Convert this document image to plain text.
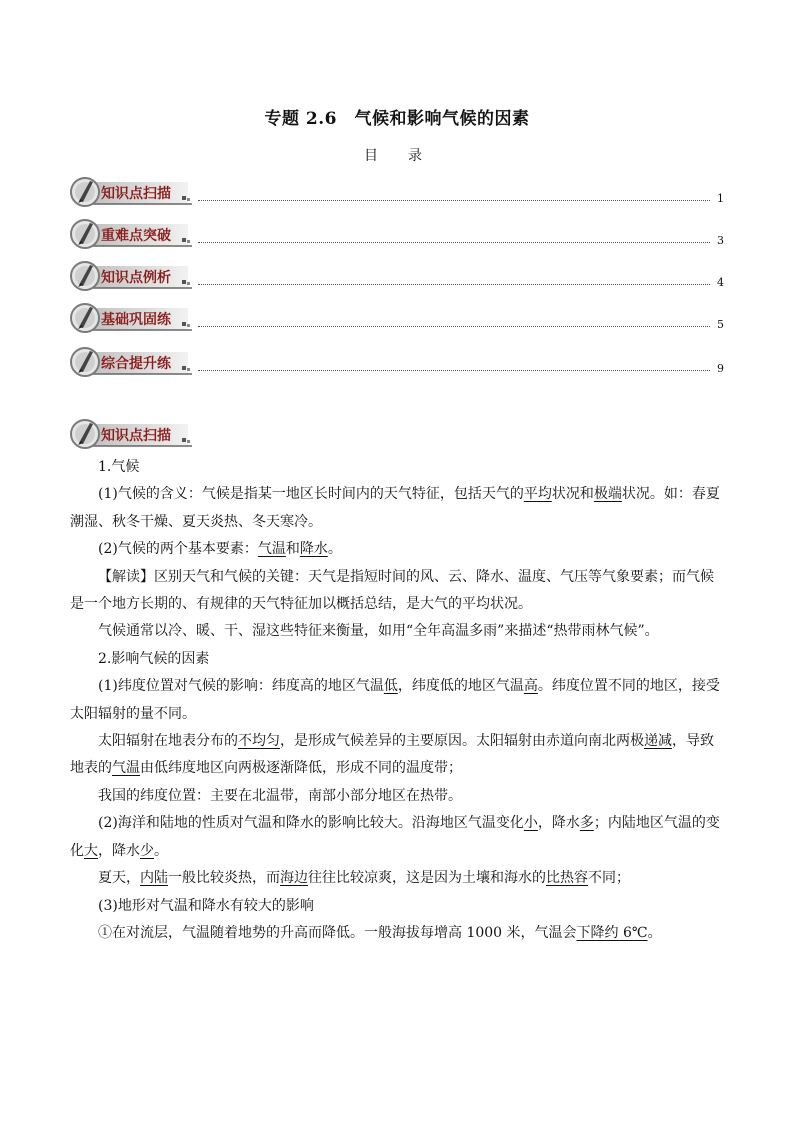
专题 2.6　气候和影响气候的因素
目　录
知识点扫描	1
重难点突破	3
知识点例析	4
基础巩固练	5
综合提升练	9
知识点扫描

1.气候

(1)气候的含义：气候是指某一地区长时间内的天气特征，包括天气的平均状况和极端状况。如：春夏潮湿、秋冬干燥、夏天炎热、冬天寒冷。

(2)气候的两个基本要素：气温和降水。

【解读】区别天气和气候的关键：天气是指短时间的风、云、降水、温度、气压等气象要素；而气候是一个地方长期的、有规律的天气特征加以概括总结，是大气的平均状况。

气候通常以冷、暖、干、湿这些特征来衡量，如用“全年高温多雨”来描述“热带雨林气候”。

2.影响气候的因素

(1)纬度位置对气候的影响：纬度高的地区气温低，纬度低的地区气温高。纬度位置不同的地区，接受太阳辐射的量不同。

太阳辐射在地表分布的不均匀，是形成气候差异的主要原因。太阳辐射由赤道向南北两极递减，导致地表的气温由低纬度地区向两极逐渐降低，形成不同的温度带；

我国的纬度位置：主要在北温带，南部小部分地区在热带。

(2)海洋和陆地的性质对气温和降水的影响比较大。沿海地区气温变化小，降水多；内陆地区气温的变化大，降水少。

夏天，内陆一般比较炎热，而海边往往比较凉爽，这是因为土壤和海水的比热容不同；

(3)地形对气温和降水有较大的影响

①在对流层，气温随着地势的升高而降低。一般海拔每增高 1000 米，气温会下降约 6℃。
